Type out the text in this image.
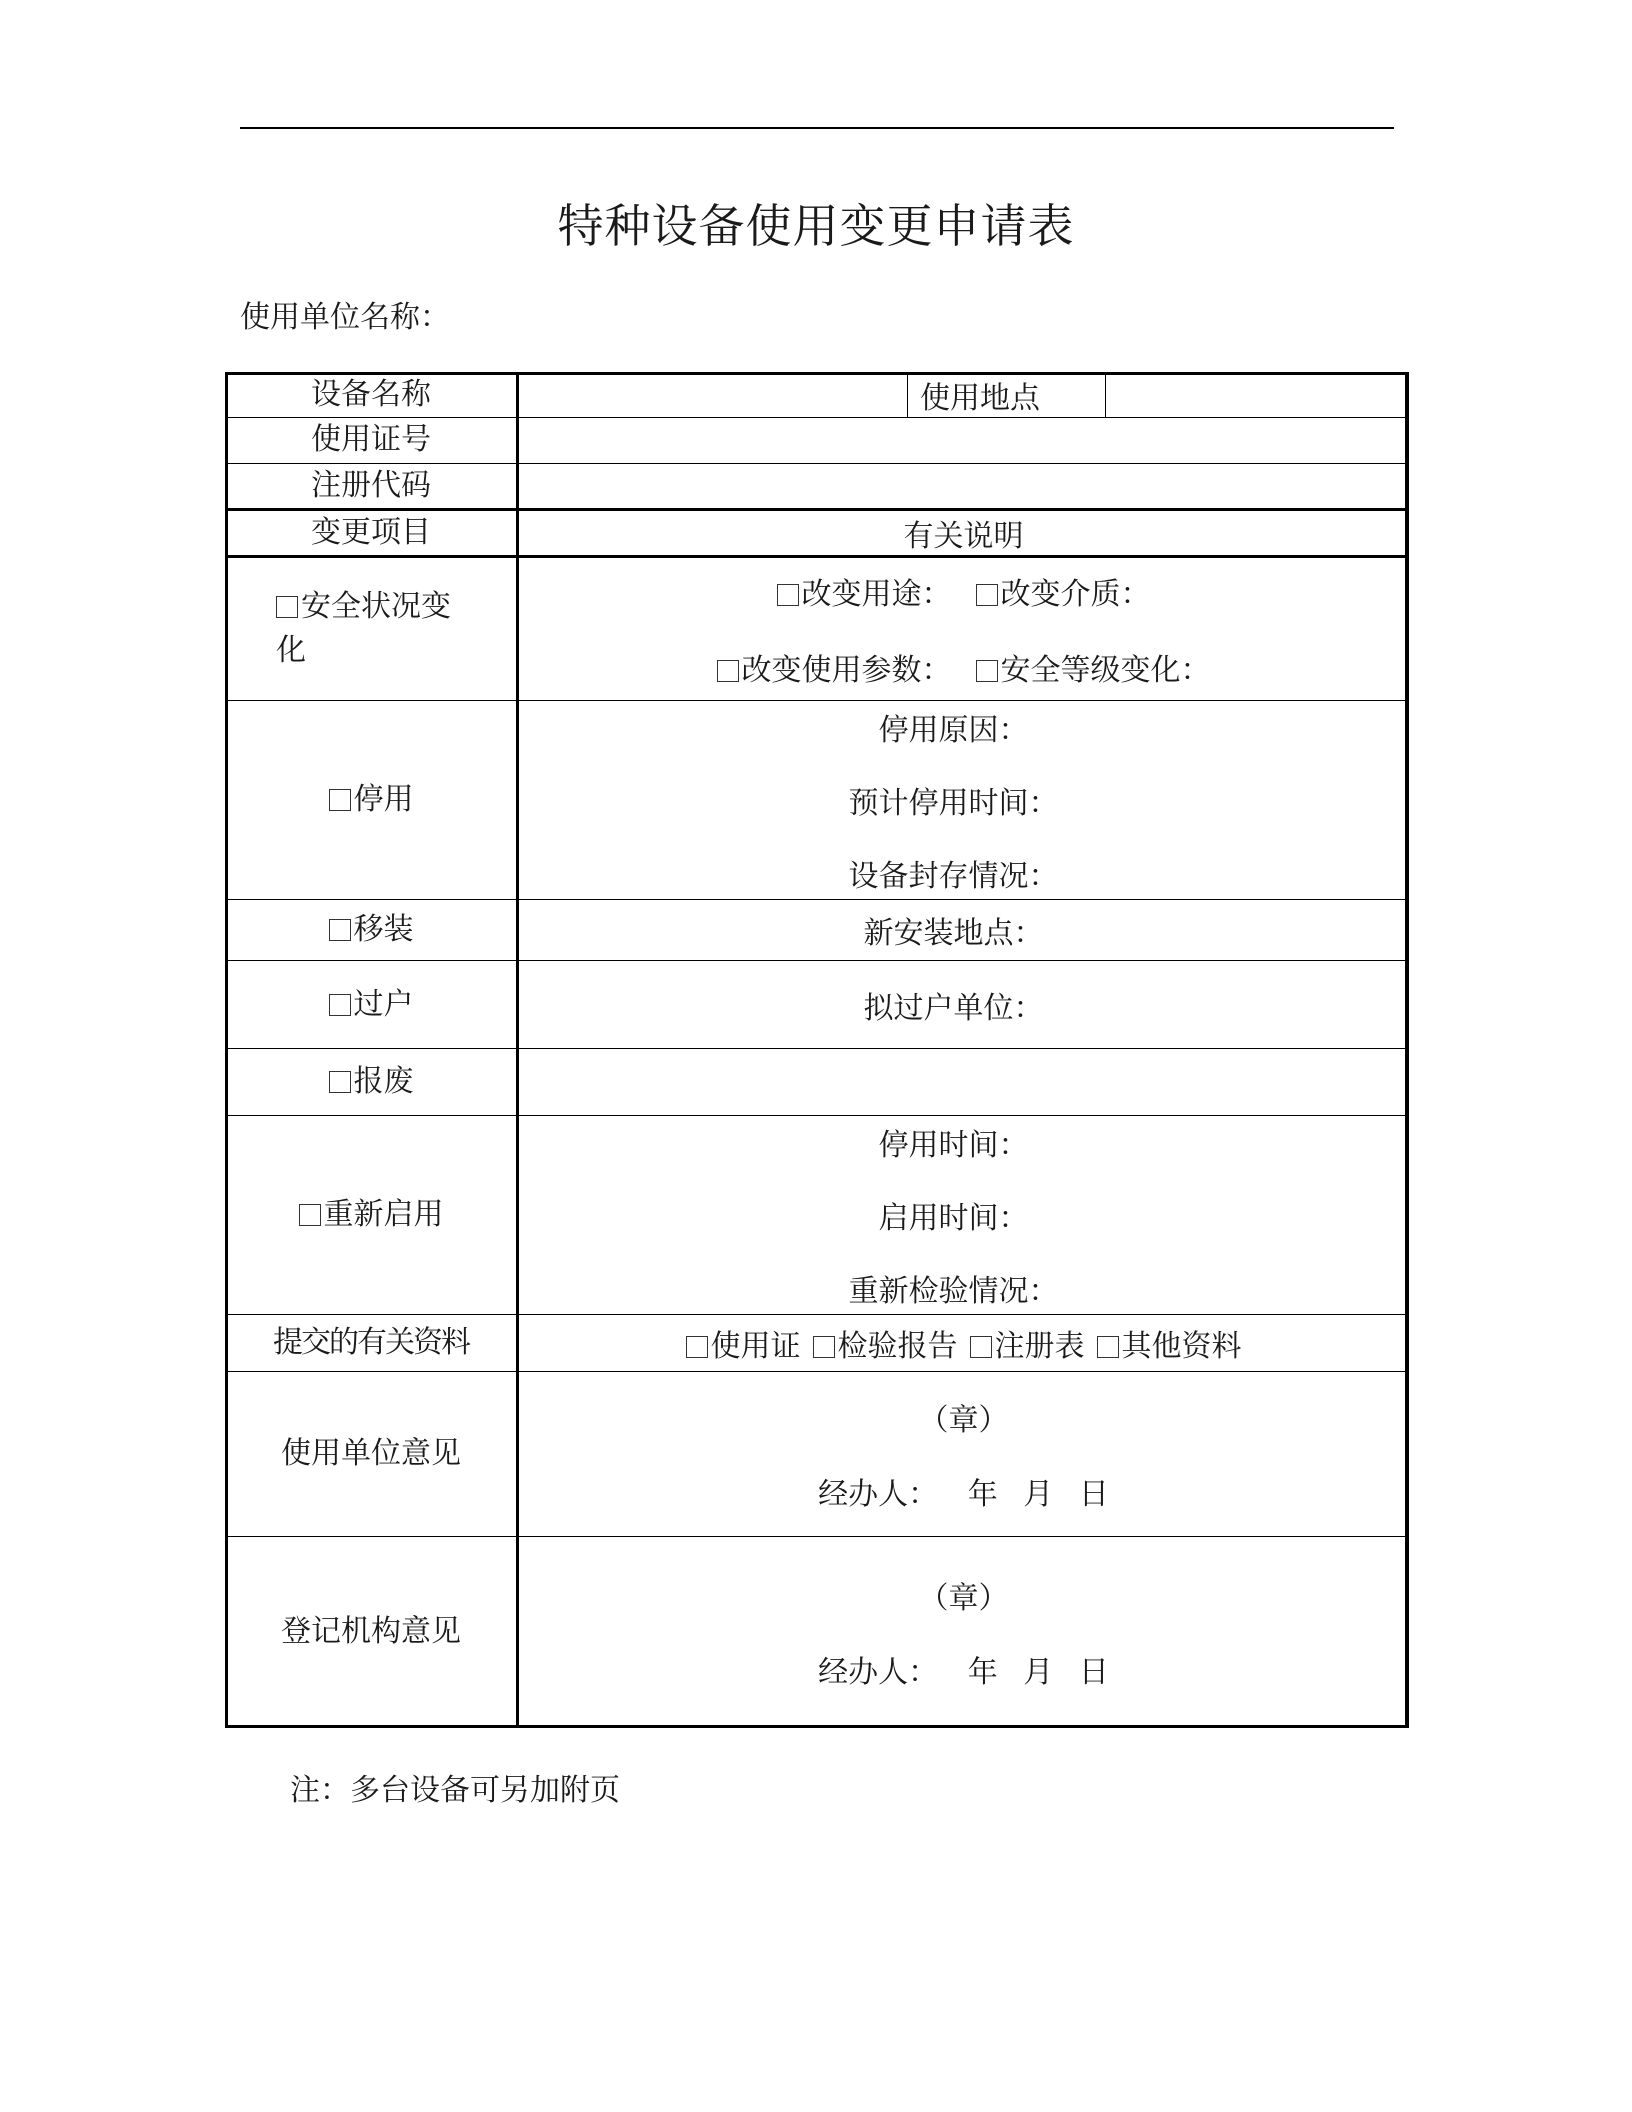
特种设备使用变更申请表
使用单位名称：
设备名称		使用地点	
使用证号			
注册代码			
变更项目	有关说明		

安全状况变化	改变用途： 改变介质：
改变使用参数： 安全等级变化：		

停用	停用原因：
预计停用时间：
设备封存情况：		

移装	新安装地点：		
过户	拟过户单位：		
报废			
重新启用	停用时间：
启用时间：
重新检验情况：		

提交的有关资料	使用证 检验报告 注册表 其他资料		
使用单位意见	（章）
经办人： 年 月 日		

登记机构意见	（章）
经办人： 年 月 日		
注：多台设备可另加附页
